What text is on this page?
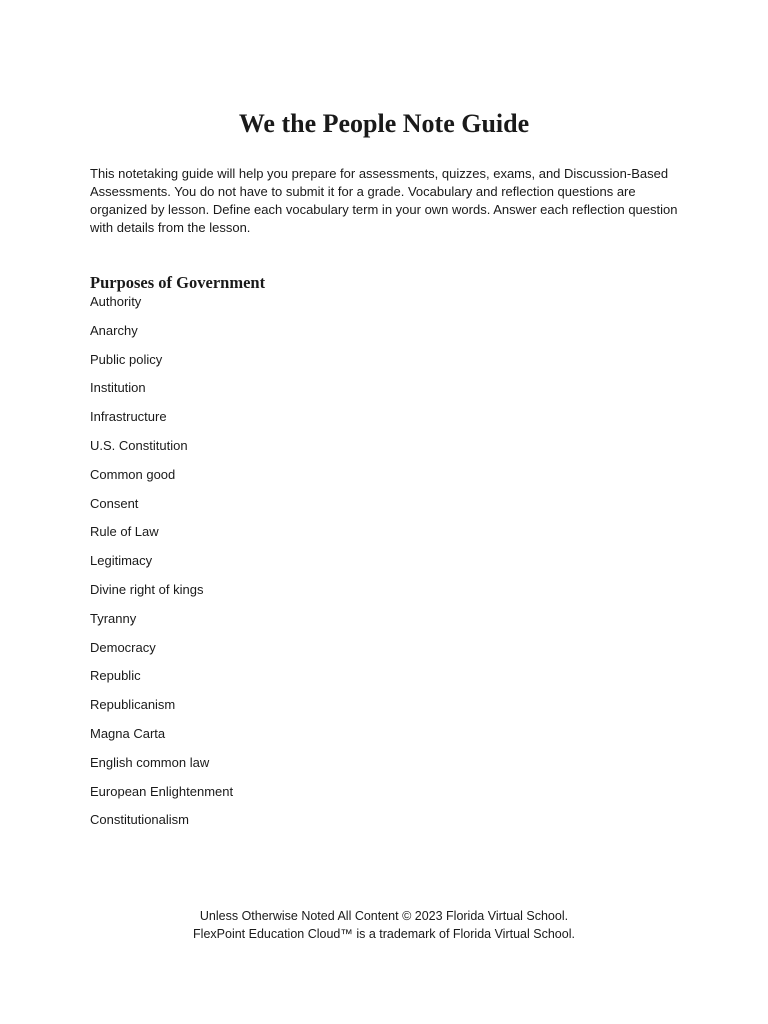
We the People Note Guide

This notetaking guide will help you prepare for assessments, quizzes, exams, and Discussion-Based Assessments. You do not have to submit it for a grade. Vocabulary and reflection questions are organized by lesson. Define each vocabulary term in your own words. Answer each reflection question with details from the lesson.

Purposes of Government
Authority
Anarchy
Public policy
Institution
Infrastructure
U.S. Constitution
Common good
Consent
Rule of Law
Legitimacy
Divine right of kings
Tyranny
Democracy
Republic
Republicanism
Magna Carta
English common law
European Enlightenment
Constitutionalism
Unless Otherwise Noted All Content © 2023 Florida Virtual School.
FlexPoint Education Cloud™ is a trademark of Florida Virtual School.
